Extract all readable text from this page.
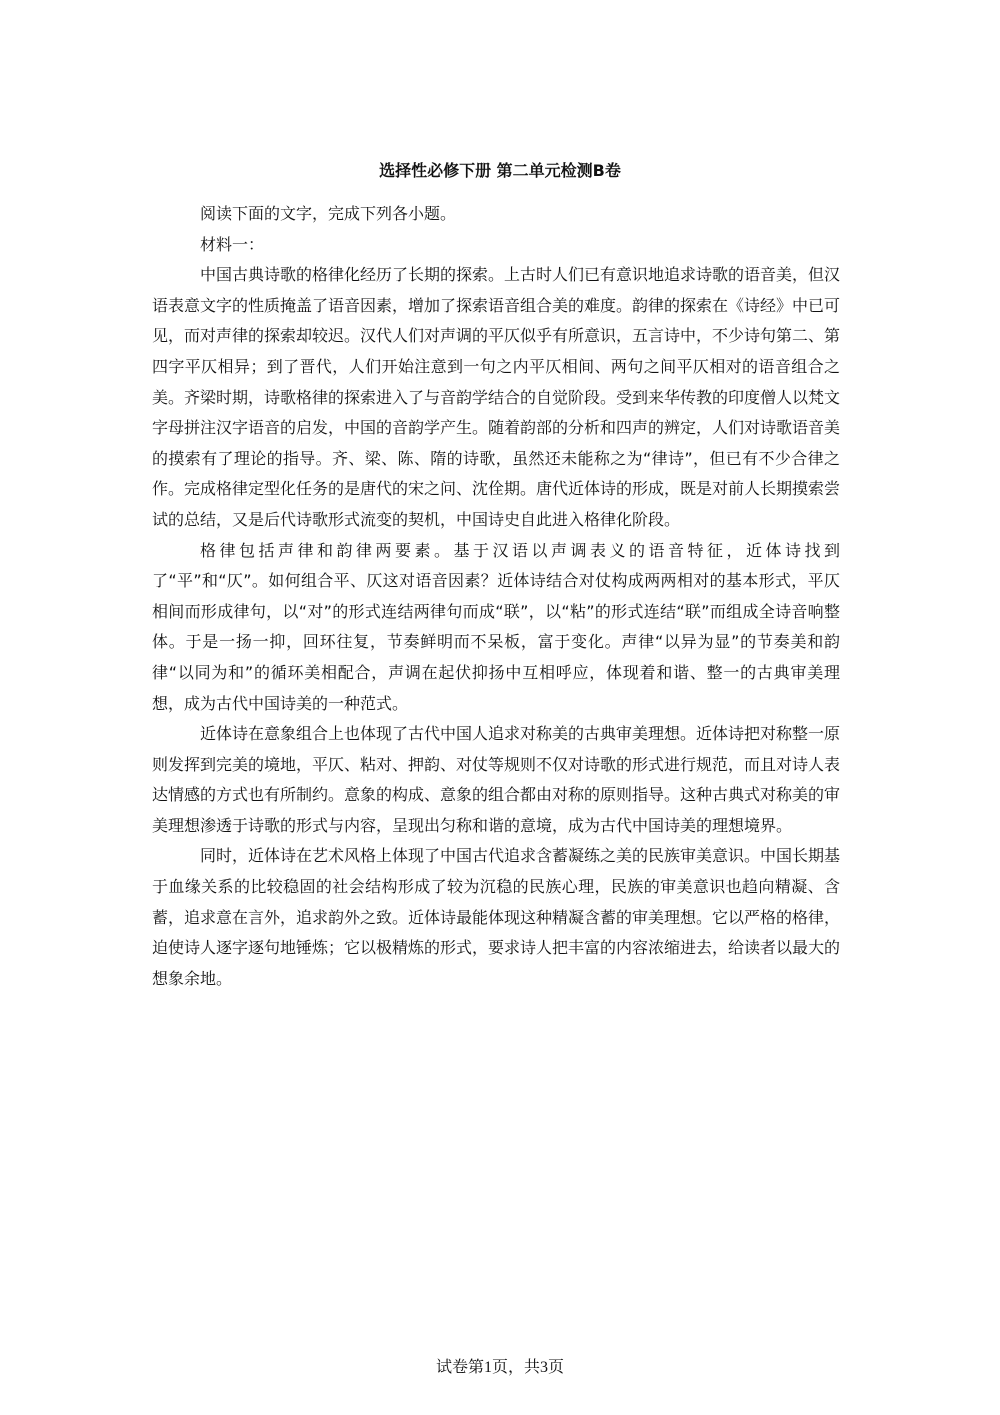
选择性必修下册 第二单元检测B卷

阅读下面的文字，完成下列各小题。

材料一：

中国古典诗歌的格律化经历了长期的探索。上古时人们已有意识地追求诗歌的语音美，但汉语表意文字的性质掩盖了语音因素，增加了探索语音组合美的难度。韵律的探索在《诗经》中已可见，而对声律的探索却较迟。汉代人们对声调的平仄似乎有所意识，五言诗中，不少诗句第二、第四字平仄相异；到了晋代，人们开始注意到一句之内平仄相间、两句之间平仄相对的语音组合之美。齐梁时期，诗歌格律的探索进入了与音韵学结合的自觉阶段。受到来华传教的印度僧人以梵文字母拼注汉字语音的启发，中国的音韵学产生。随着韵部的分析和四声的辨定，人们对诗歌语音美的摸索有了理论的指导。齐、梁、陈、隋的诗歌，虽然还未能称之为“律诗”，但已有不少合律之作。完成格律定型化任务的是唐代的宋之问、沈佺期。唐代近体诗的形成，既是对前人长期摸索尝试的总结，又是后代诗歌形式流变的契机，中国诗史自此进入格律化阶段。

格律包括声律和韵律两要素。基于汉语以声调表义的语音特征，近体诗找到了“平”和“仄”。如何组合平、仄这对语音因素？近体诗结合对仗构成两两相对的基本形式，平仄相间而形成律句，以“对”的形式连结两律句而成“联”，以“粘”的形式连结“联”而组成全诗音响整体。于是一扬一抑，回环往复，节奏鲜明而不呆板，富于变化。声律“以异为显”的节奏美和韵律“以同为和”的循环美相配合，声调在起伏抑扬中互相呼应，体现着和谐、整一的古典审美理想，成为古代中国诗美的一种范式。

近体诗在意象组合上也体现了古代中国人追求对称美的古典审美理想。近体诗把对称整一原则发挥到完美的境地，平仄、粘对、押韵、对仗等规则不仅对诗歌的形式进行规范，而且对诗人表达情感的方式也有所制约。意象的构成、意象的组合都由对称的原则指导。这种古典式对称美的审美理想渗透于诗歌的形式与内容，呈现出匀称和谐的意境，成为古代中国诗美的理想境界。

同时，近体诗在艺术风格上体现了中国古代追求含蓄凝练之美的民族审美意识。中国长期基于血缘关系的比较稳固的社会结构形成了较为沉稳的民族心理，民族的审美意识也趋向精凝、含蓄，追求意在言外，追求韵外之致。近体诗最能体现这种精凝含蓄的审美理想。它以严格的格律，迫使诗人逐字逐句地锤炼；它以极精炼的形式，要求诗人把丰富的内容浓缩进去，给读者以最大的想象余地。

试卷第1页，共3页
